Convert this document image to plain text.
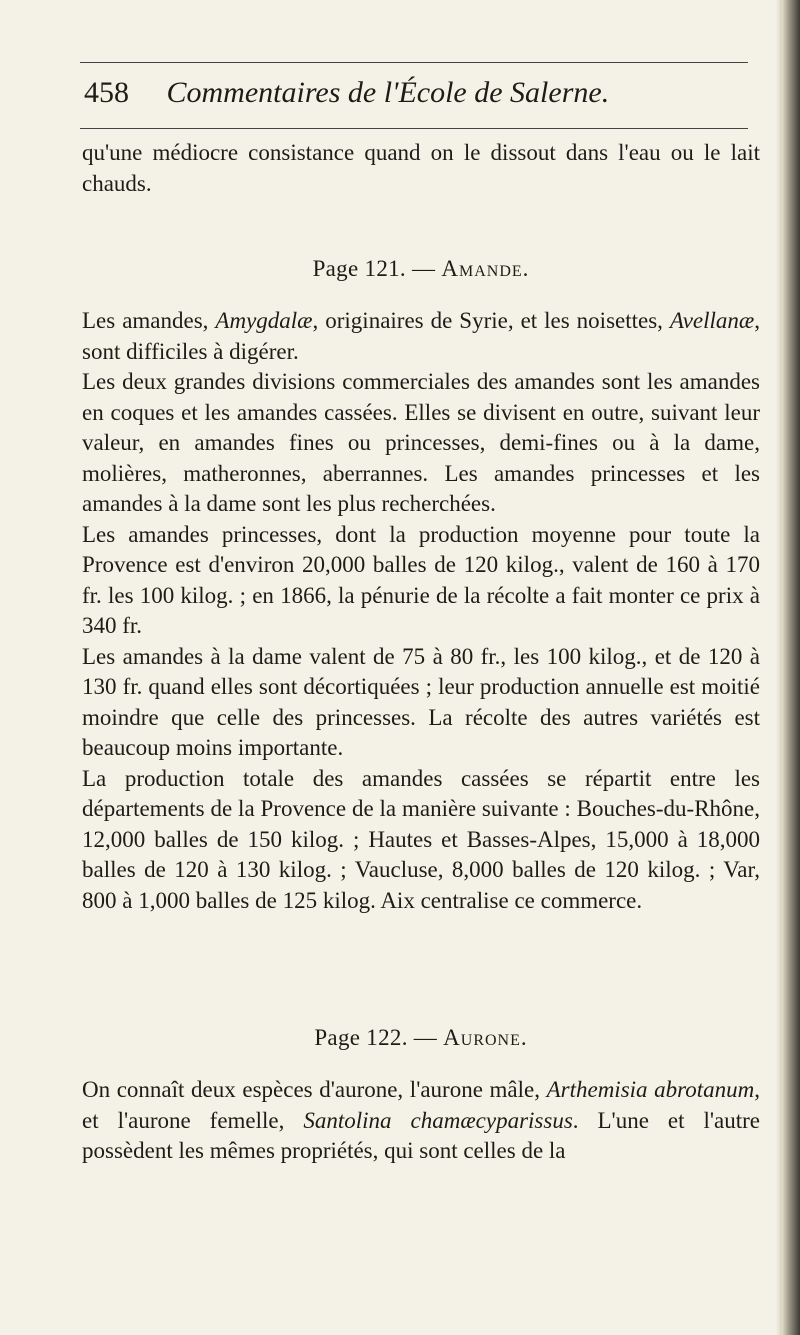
458 Commentaires de l'École de Salerne.

qu'une médiocre consistance quand on le dissout dans l'eau ou le lait chauds.

Page 121. — Amande.

Les amandes, Amygdalæ, originaires de Syrie, et les noisettes, Avellanæ, sont difficiles à digérer.

Les deux grandes divisions commerciales des amandes sont les amandes en coques et les amandes cassées. Elles se divisent en outre, suivant leur valeur, en amandes fines ou princesses, demi-fines ou à la dame, molières, matheronnes, aberrannes. Les amandes princesses et les amandes à la dame sont les plus recherchées.

Les amandes princesses, dont la production moyenne pour toute la Provence est d'environ 20,000 balles de 120 kilog., valent de 160 à 170 fr. les 100 kilog. ; en 1866, la pénurie de la récolte a fait monter ce prix à 340 fr.

Les amandes à la dame valent de 75 à 80 fr., les 100 kilog., et de 120 à 130 fr. quand elles sont décortiquées ; leur production annuelle est moitié moindre que celle des princesses. La récolte des autres variétés est beaucoup moins importante.

La production totale des amandes cassées se répartit entre les départements de la Provence de la manière suivante : Bouches-du-Rhône, 12,000 balles de 150 kilog. ; Hautes et Basses-Alpes, 15,000 à 18,000 balles de 120 à 130 kilog. ; Vaucluse, 8,000 balles de 120 kilog. ; Var, 800 à 1,000 balles de 125 kilog. Aix centralise ce commerce.

Page 122. — Aurone.

On connaît deux espèces d'aurone, l'aurone mâle, Arthemisia abrotanum, et l'aurone femelle, Santolina chamæcyparissus. L'une et l'autre possèdent les mêmes propriétés, qui sont celles de la
